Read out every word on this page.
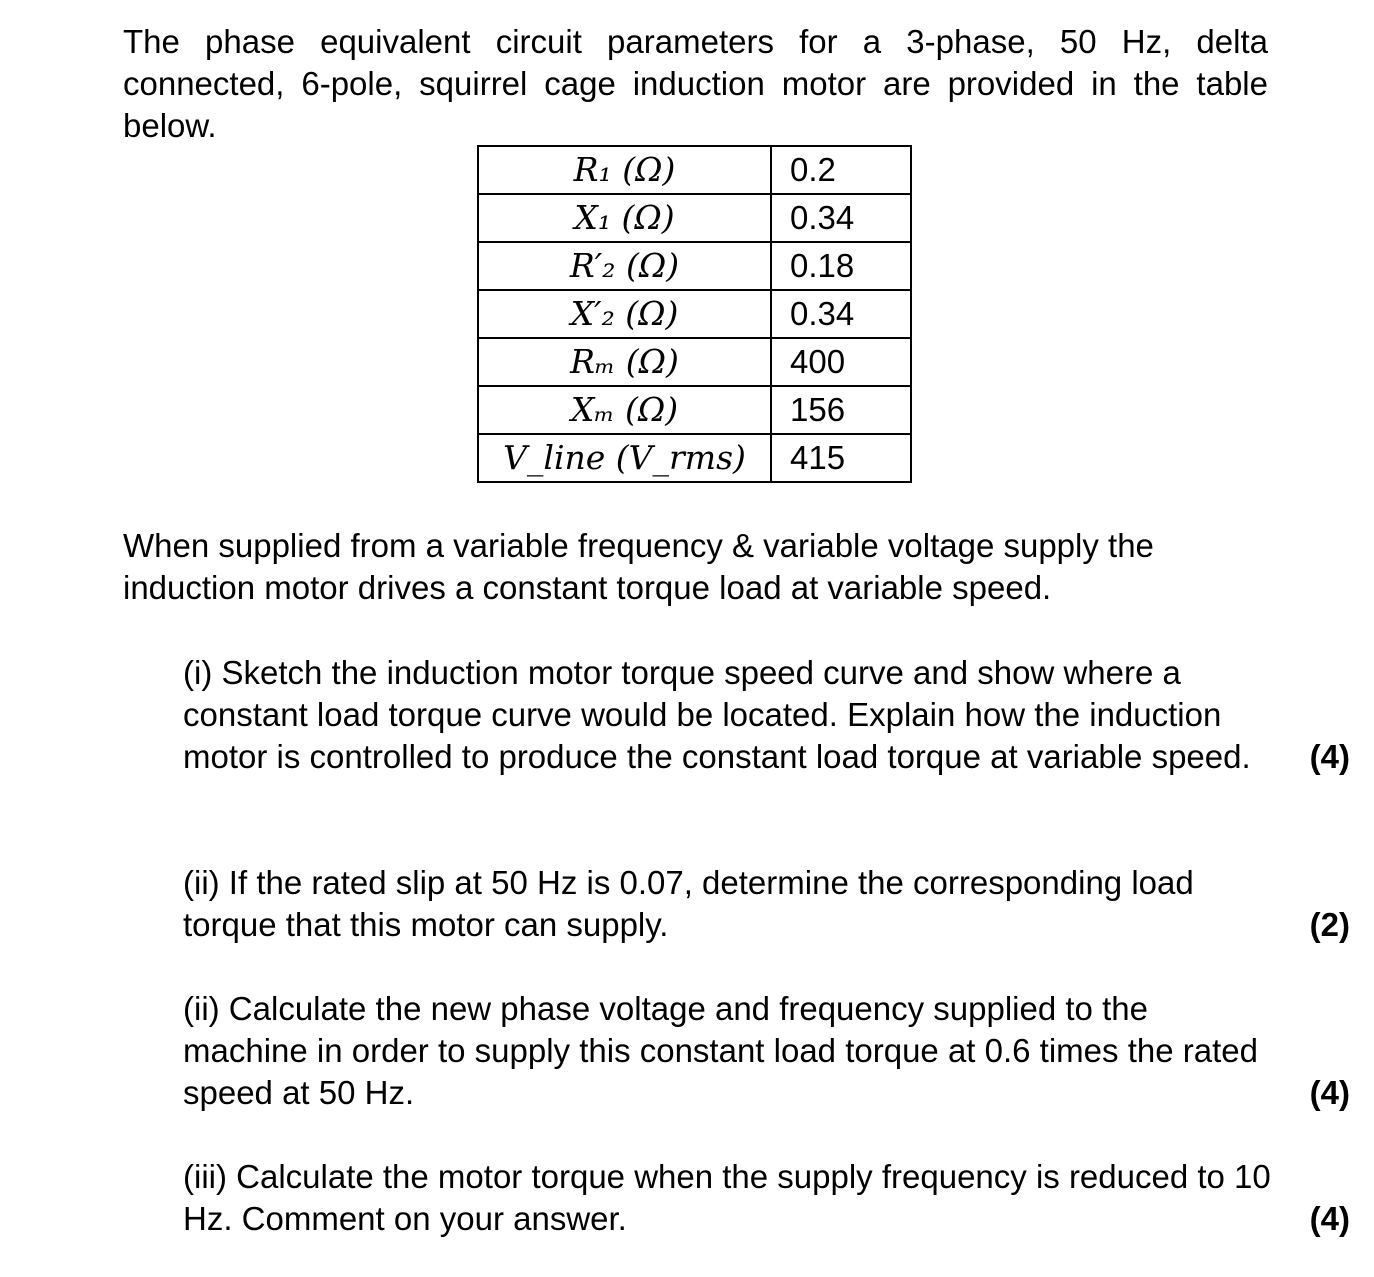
The phase equivalent circuit parameters for a 3-phase, 50 Hz, delta connected, 6-pole, squirrel cage induction motor are provided in the table below.

R₁ (Ω)	0.2
X₁ (Ω)	0.34
R′₂ (Ω)	0.18
X′₂ (Ω)	0.34
Rₘ (Ω)	400
Xₘ (Ω)	156
V_line (V_rms)	415

When supplied from a variable frequency & variable voltage supply the induction motor drives a constant torque load at variable speed.

(i) Sketch the induction motor torque speed curve and show where a constant load torque curve would be located. Explain how the induction motor is controlled to produce the constant load torque at variable speed.	(4)
(ii) If the rated slip at 50 Hz is 0.07, determine the corresponding load torque that this motor can supply.	(2)
(ii) Calculate the new phase voltage and frequency supplied to the machine in order to supply this constant load torque at 0.6 times the rated speed at 50 Hz.	(4)
(iii) Calculate the motor torque when the supply frequency is reduced to 10 Hz. Comment on your answer.	(4)
